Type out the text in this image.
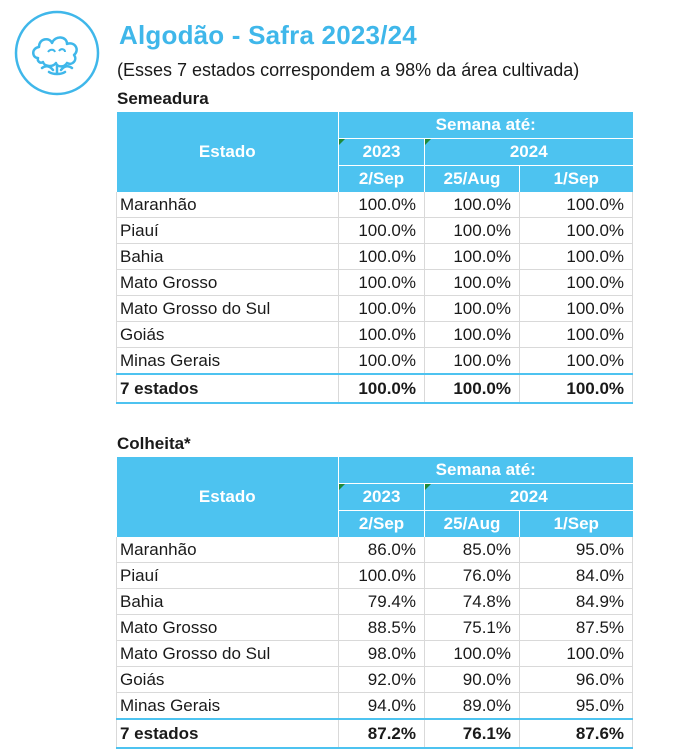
Algodão - Safra 2023/24
(Esses 7 estados correspondem a 98% da área cultivada)
Semeadura
Estado	Semana até:		

2023	2024	
	2/Sep	25/Aug	1/Sep
Maranhão	100.0%	100.0%	100.0%
Piauí	100.0%	100.0%	100.0%
Bahia	100.0%	100.0%	100.0%
Mato Grosso	100.0%	100.0%	100.0%
Mato Grosso do Sul	100.0%	100.0%	100.0%
Goiás	100.0%	100.0%	100.0%
Minas Gerais	100.0%	100.0%	100.0%
7 estados	100.0%	100.0%	100.0%
Colheita*
Estado	Semana até:		

2023	2024	
	2/Sep	25/Aug	1/Sep
Maranhão	86.0%	85.0%	95.0%
Piauí	100.0%	76.0%	84.0%
Bahia	79.4%	74.8%	84.9%
Mato Grosso	88.5%	75.1%	87.5%
Mato Grosso do Sul	98.0%	100.0%	100.0%
Goiás	92.0%	90.0%	96.0%
Minas Gerais	94.0%	89.0%	95.0%
7 estados	87.2%	76.1%	87.6%
